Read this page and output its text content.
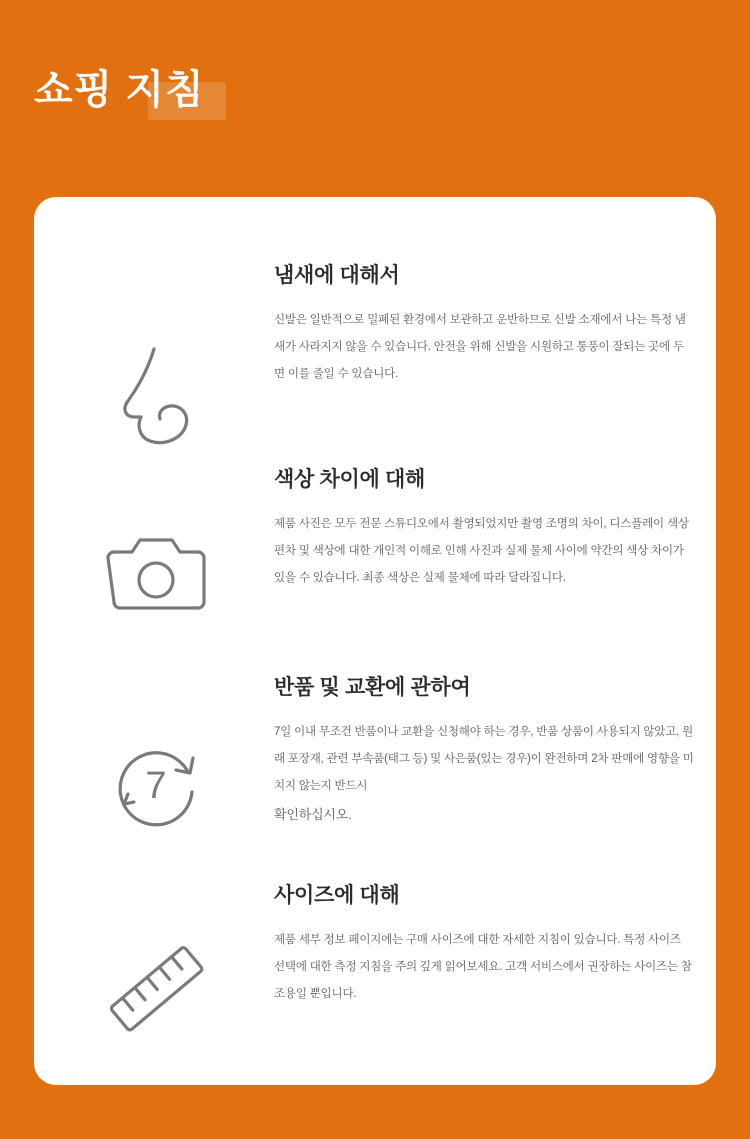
쇼핑 지침
냄새에 대해서
신발은 일반적으로 밀폐된 환경에서 보관하고 운반하므로 신발 소재에서 나는 특정 냄새가 사라지지 않을 수 있습니다. 안전을 위해 신발을 시원하고 통풍이 잘되는 곳에 두면 이를 줄일 수 있습니다.
색상 차이에 대해
제품 사진은 모두 전문 스튜디오에서 촬영되었지만 촬영 조명의 차이, 디스플레이 색상 편차 및 색상에 대한 개인적 이해로 인해 사진과 실제 물체 사이에 약간의 색상 차이가 있을 수 있습니다. 최종 색상은 실제 물체에 따라 달라집니다.
7
반품 및 교환에 관하여
7일 이내 무조건 반품이나 교환을 신청해야 하는 경우, 반품 상품이 사용되지 않았고, 원래 포장재, 관련 부속품(태그 등) 및 사은품(있는 경우)이 완전하며 2차 판매에 영향을 미치지 않는지 반드시
확인하십시오.
사이즈에 대해
제품 세부 정보 페이지에는 구매 사이즈에 대한 자세한 지침이 있습니다. 특정 사이즈 선택에 대한 측정 지침을 주의 깊게 읽어보세요. 고객 서비스에서 권장하는 사이즈는 참조용일 뿐입니다.
